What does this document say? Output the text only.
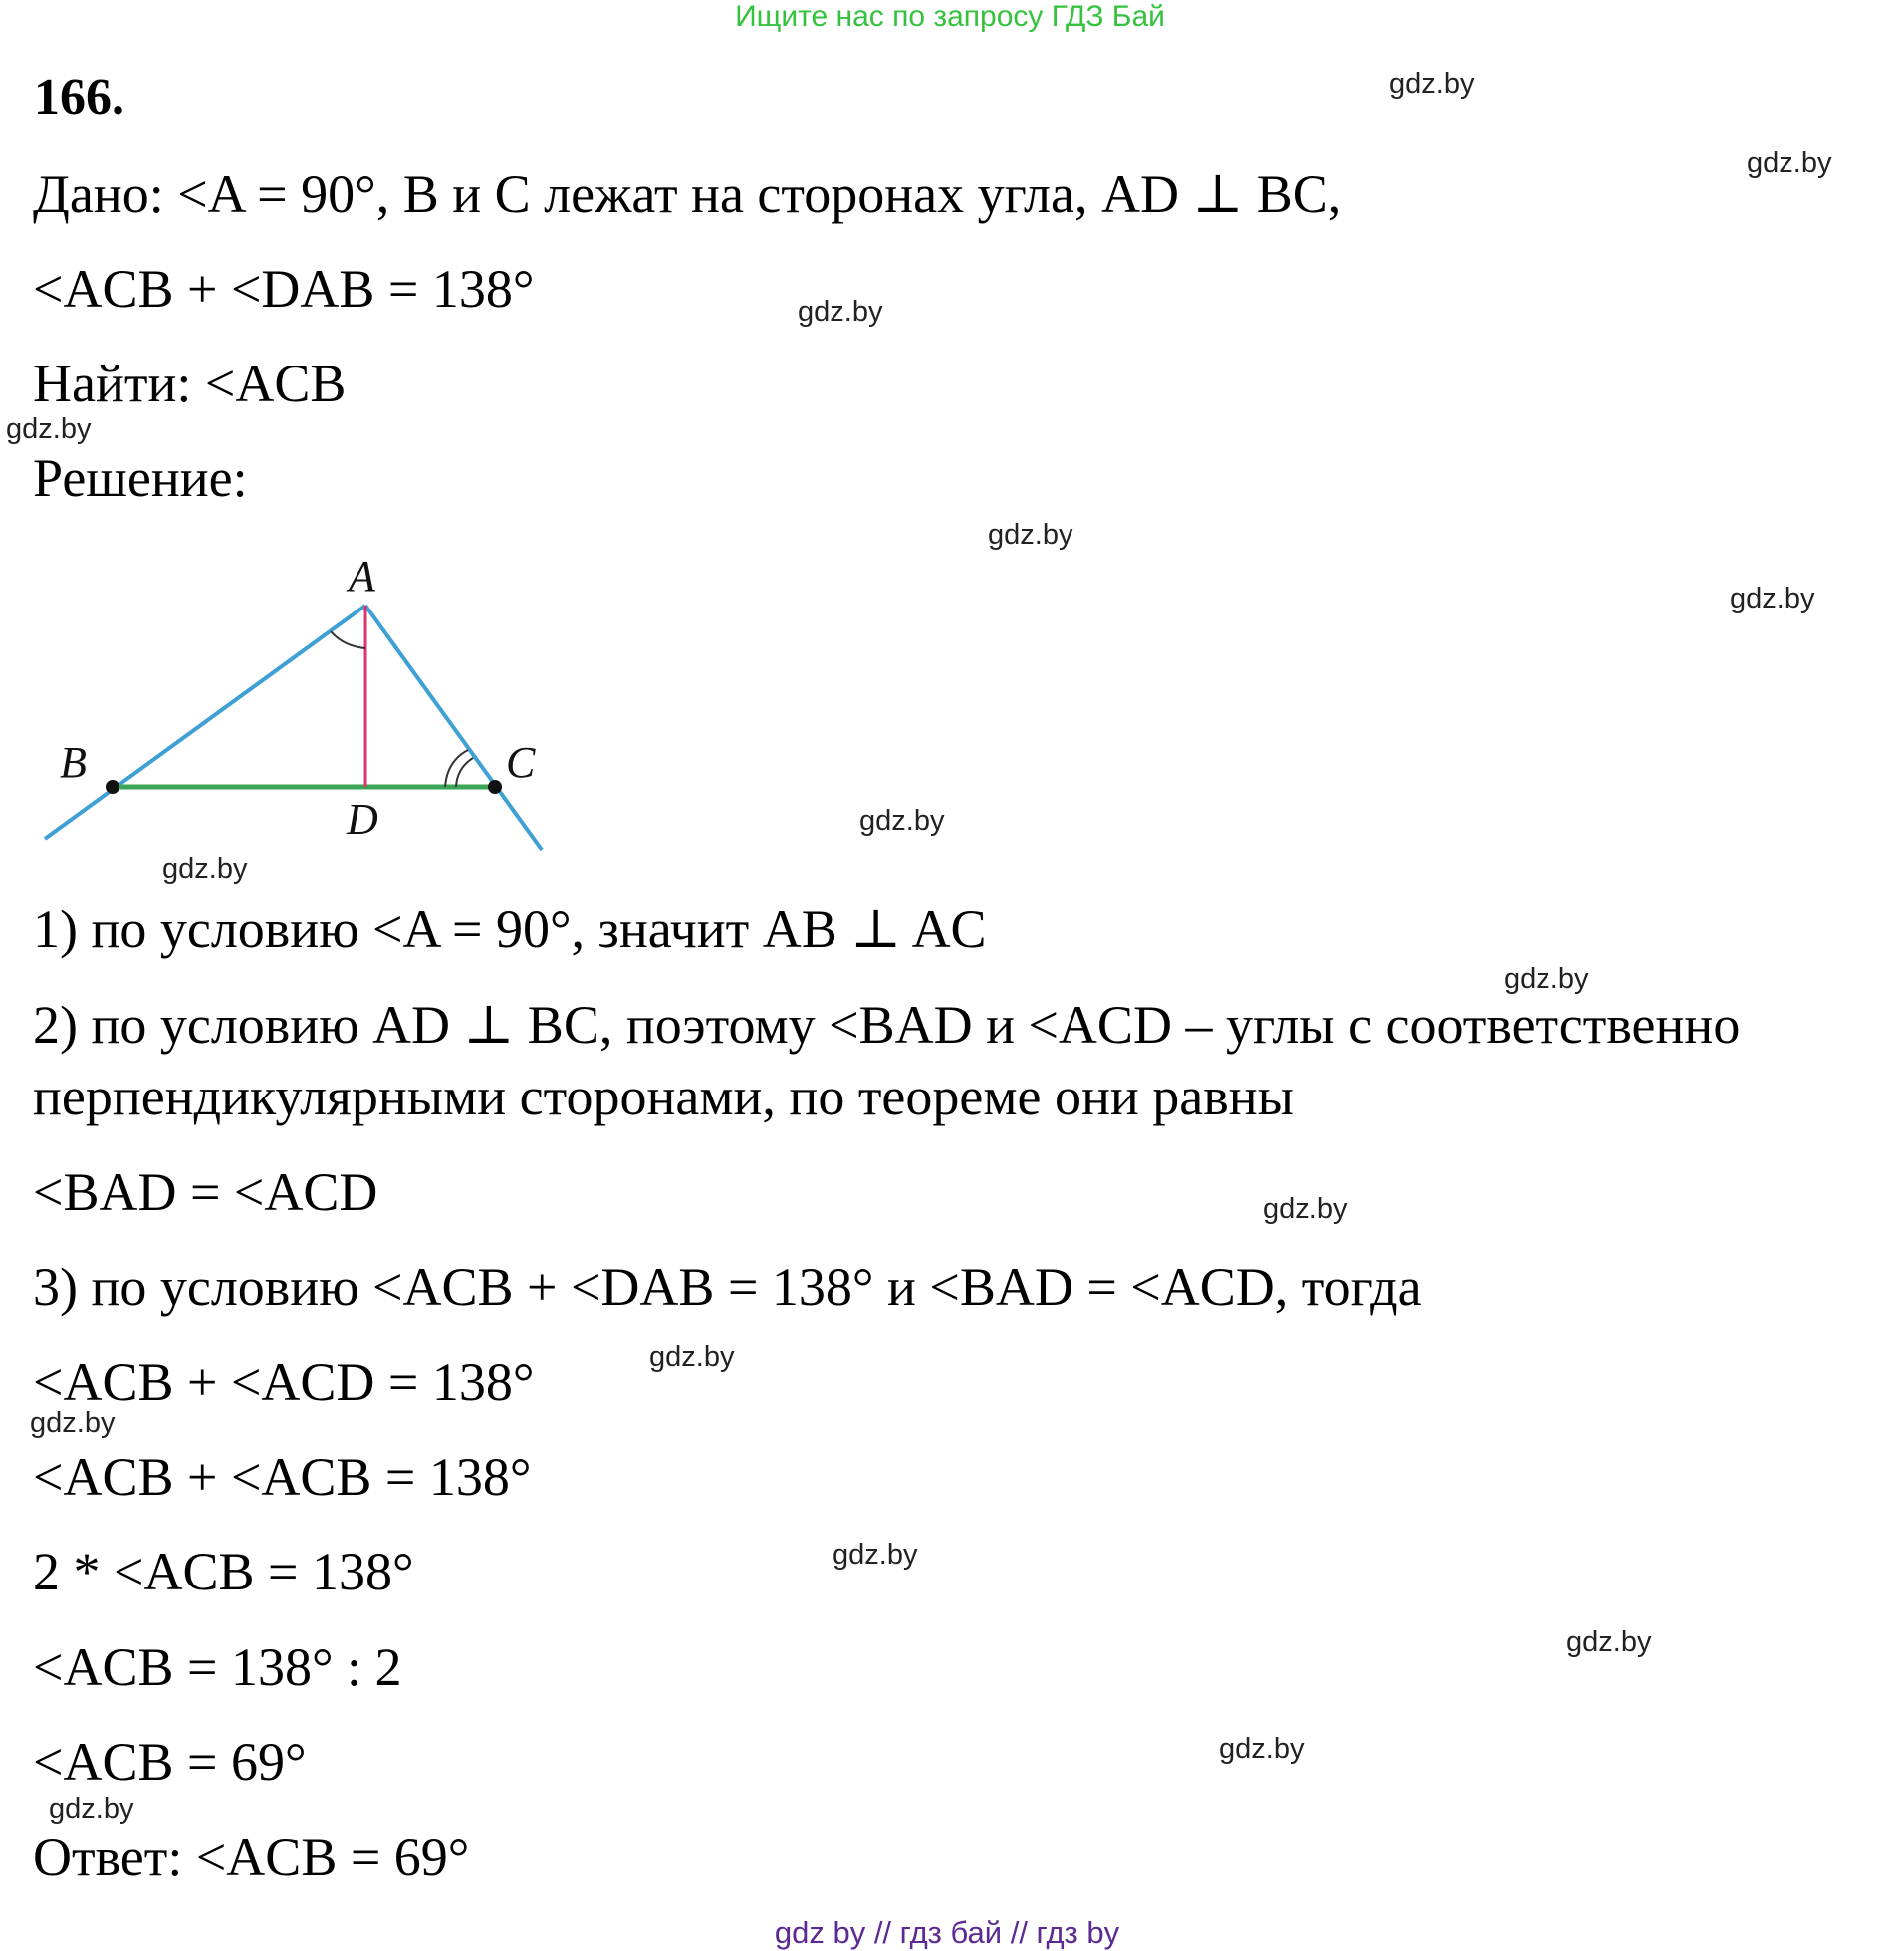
Ищите нас по запросу ГДЗ Бай
166.
Дано: <A = 90°, B и C лежат на сторонах угла, AD ⊥ BC,
<ACB + <DAB = 138°
Найти: <ACB
Решение:
A
B	C
D
1) по условию <A = 90°, значит AB ⊥ AC
2) по условию AD ⊥ BC, поэтому <BAD и <ACD – углы с соответственно
перпендикулярными сторонами, по теореме они равны
<BAD = <ACD
3) по условию <ACB + <DAB = 138° и <BAD = <ACD, тогда
<ACB + <ACD = 138°
<ACB + <ACB = 138°
2 * <ACB = 138°
<ACB = 138° : 2
<ACB = 69°
Ответ: <ACB = 69°
gdz.by
gdz.by
gdz.by
gdz.by
gdz.by
gdz.by
gdz.by
gdz.by
gdz.by
gdz.by
gdz.by
gdz.by
gdz.by
gdz.by
gdz.by
gdz.by
gdz by // гдз бай // гдз by
